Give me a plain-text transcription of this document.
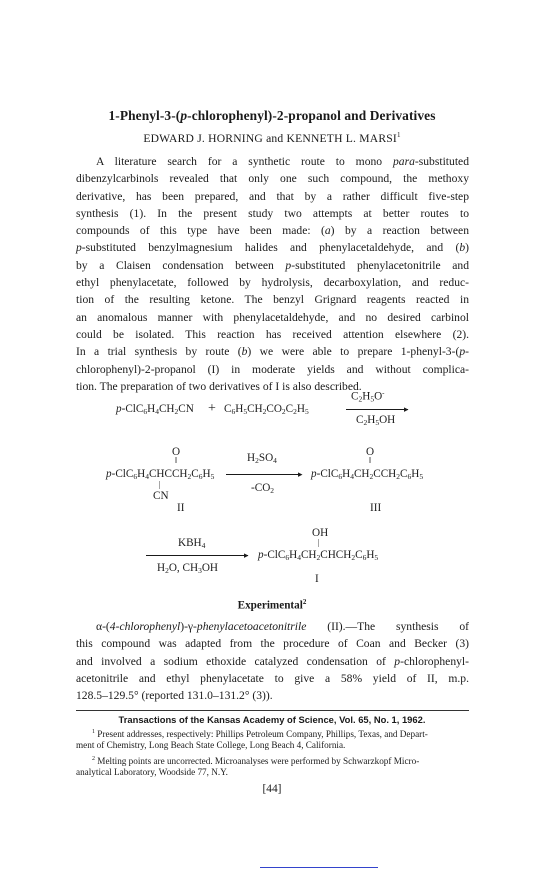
1-Phenyl-3-(p-chlorophenyl)-2-propanol and Derivatives
EDWARD J. HORNING and KENNETH L. MARSI$^1$
A literature search for a synthetic route to mono para-substituted
dibenzylcarbinols revealed that only one such compound, the methoxy
derivative, has been prepared, and that by a rather difficult five-step
synthesis (1). In the present study two attempts at better routes to
compounds of this type have been made: (a) by a reaction between
p-substituted benzylmagnesium halides and phenylacetaldehyde, and (b)
by a Claisen condensation between p-substituted phenylacetonitrile and
ethyl phenylacetate, followed by hydrolysis, decarboxylation, and reduc-
tion of the resulting ketone. The benzyl Grignard reagents reacted in
an anomalous manner with phenylacetaldehyde, and no desired carbinol
could be isolated. This reaction has received attention elsewhere (2).
In a trial synthesis by route (b) we were able to prepare 1-phenyl-3-(p-
chlorophenyl)-2-propanol (I) in moderate yields and without complica-
tion. The preparation of two derivatives of I is also described.
$C_2H_5O^-$
$p-ClC_6H_4CH_2CN + C_6H_5CH_2CO_2C_2H_5$	▸
$C_2H_5OH$
O
‖
O
‖
$H_2SO_4$
$p-ClC_6H_4CHCCH_2C_6H_5$	▸ $p-ClC_6H_4CH_2CCH_2C_6H_5$
|	$-CO_2$
CN
II	III
OH
|
$KBH_4$
▸ $p-ClC_6H_4CH_2CHCH_2C_6H_5$
$H_2O$, $CH_3OH$
I
Experimental$^2$
α-(4-chlorophenyl)-γ-phenylacetoacetonitrile (II).—The synthesis of
this compound was adapted from the procedure of Coan and Becker (3)
and involved a sodium ethoxide catalyzed condensation of p-chlorophenyl-
acetonitrile and ethyl phenylacetate to give a 58% yield of II, m.p.
128.5–129.5° (reported 131.0–131.2° (3)).
Transactions of the Kansas Academy of Science, Vol. 65, No. 1, 1962.
$^1$ Present addresses, respectively: Phillips Petroleum Company, Phillips, Texas, and Depart-
ment of Chemistry, Long Beach State College, Long Beach 4, California.
$^2$ Melting points are uncorrected. Microanalyses were performed by Schwarzkopf Micro-
analytical Laboratory, Woodside 77, N.Y.
[44]
